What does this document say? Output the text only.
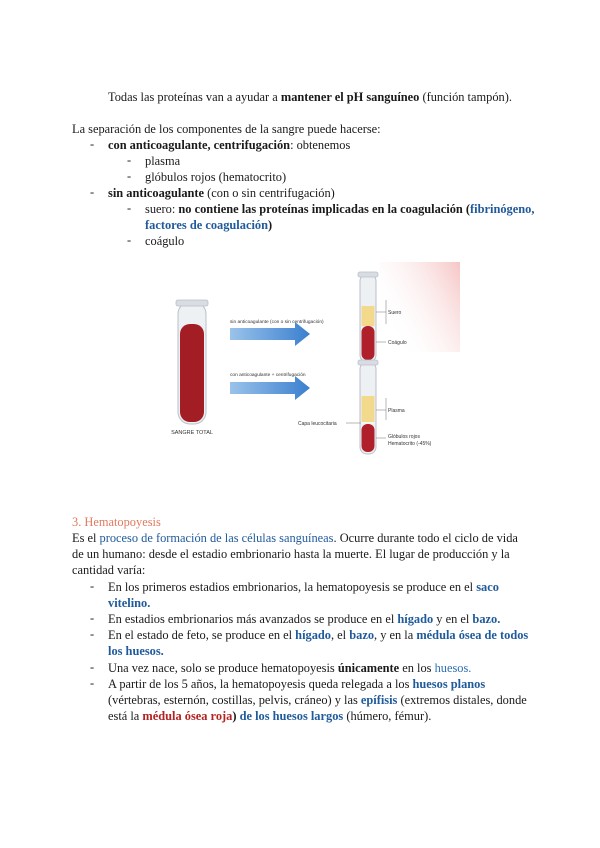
Todas las proteínas van a ayudar a mantener el pH sanguíneo (función tampón).
La separación de los componentes de la sangre puede hacerse:
- con anticoagulante, centrifugación: obtenemos
- plasma
- glóbulos rojos (hematocrito)
- sin anticoagulante (con o sin centrifugación)
- suero: no contiene las proteínas implicadas en la coagulación (fibrinógeno,
factores de coagulación)
- coágulo
SANGRE TOTAL
sin anticoagulante (con o sin centrifugación)
con anticoagulante + centrifugación
Suero
Coágulo
Plasma
Capa leucocitaria
Glóbulos rojos
Hematocrito (-45%)
3. Hematopoyesis
Es el proceso de formación de las células sanguíneas. Ocurre durante todo el ciclo de vida
de un humano: desde el estadio embrionario hasta la muerte. El lugar de producción y la
cantidad varía:
- En los primeros estadios embrionarios, la hematopoyesis se produce en el saco
vitelino.
- En estadios embrionarios más avanzados se produce en el hígado y en el bazo.
- En el estado de feto, se produce en el hígado, el bazo, y en la médula ósea de todos
los huesos.
- Una vez nace, solo se produce hematopoyesis únicamente en los huesos.
- A partir de los 5 años, la hematopoyesis queda relegada a los huesos planos
(vértebras, esternón, costillas, pelvis, cráneo) y las epífisis (extremos distales, donde
está la médula ósea roja) de los huesos largos (húmero, fémur).
